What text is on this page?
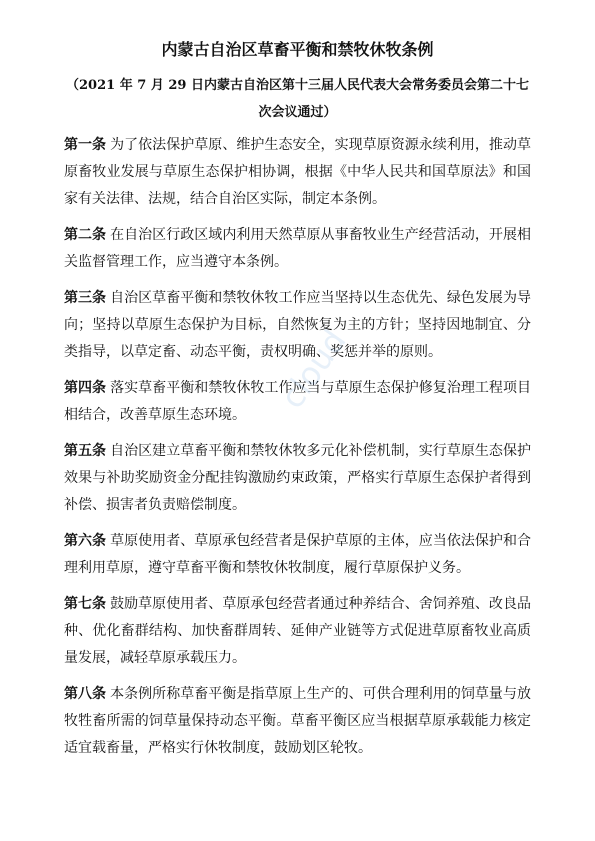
内蒙古自治区草畜平衡和禁牧休牧条例
（2021 年 7 月 29 日内蒙古自治区第十三届人民代表大会常务委员会第二十七次会议通过）
第一条 为了依法保护草原、维护生态安全，实现草原资源永续利用，推动草原畜牧业发展与草原生态保护相协调，根据《中华人民共和国草原法》和国家有关法律、法规，结合自治区实际，制定本条例。
第二条 在自治区行政区域内利用天然草原从事畜牧业生产经营活动，开展相关监督管理工作，应当遵守本条例。
第三条 自治区草畜平衡和禁牧休牧工作应当坚持以生态优先、绿色发展为导向；坚持以草原生态保护为目标，自然恢复为主的方针；坚持因地制宜、分类指导，以草定畜、动态平衡，责权明确、奖惩并举的原则。
第四条 落实草畜平衡和禁牧休牧工作应当与草原生态保护修复治理工程项目相结合，改善草原生态环境。
第五条 自治区建立草畜平衡和禁牧休牧多元化补偿机制，实行草原生态保护效果与补助奖励资金分配挂钩激励约束政策，严格实行草原生态保护者得到补偿、损害者负责赔偿制度。
第六条 草原使用者、草原承包经营者是保护草原的主体，应当依法保护和合理利用草原，遵守草畜平衡和禁牧休牧制度，履行草原保护义务。
第七条 鼓励草原使用者、草原承包经营者通过种养结合、舍饲养殖、改良品种、优化畜群结构、加快畜群周转、延伸产业链等方式促进草原畜牧业高质量发展，减轻草原承载压力。
第八条 本条例所称草畜平衡是指草原上生产的、可供合理利用的饲草量与放牧牲畜所需的饲草量保持动态平衡。草畜平衡区应当根据草原承载能力核定适宜载畜量，严格实行休牧制度，鼓励划区轮牧。
cloud
